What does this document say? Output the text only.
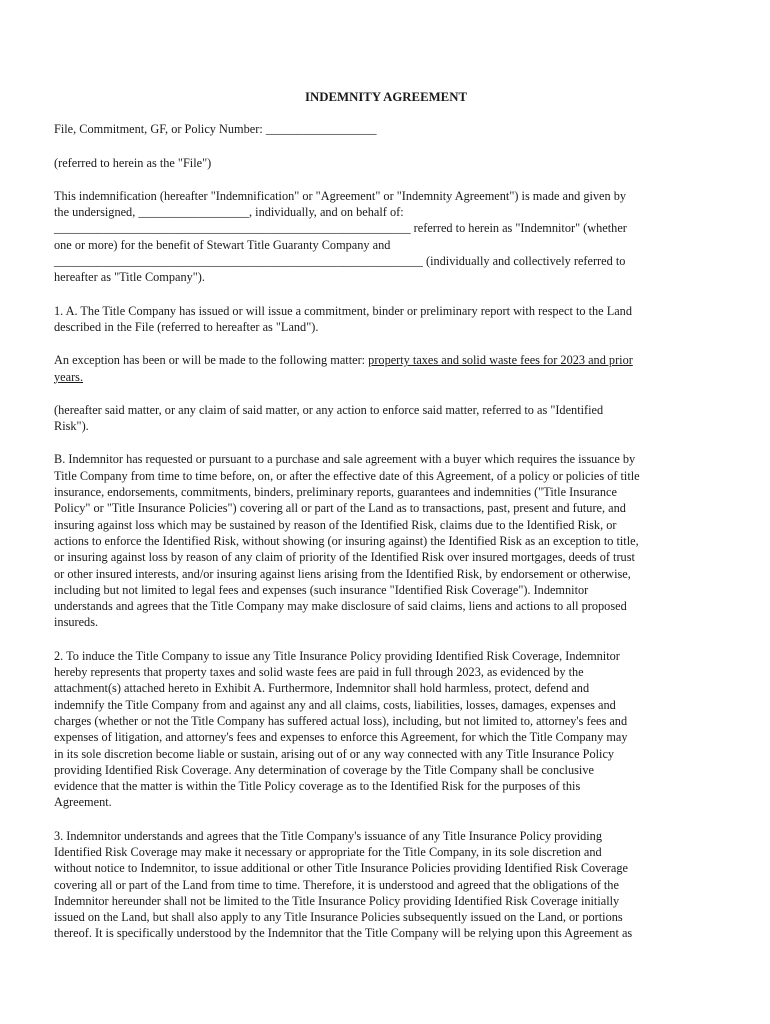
INDEMNITY AGREEMENT
File, Commitment, GF, or Policy Number: __________________
(referred to herein as the "File")
This indemnification (hereafter "Indemnification" or "Agreement" or "Indemnity Agreement") is made and given by
the undersigned, __________________, individually, and on behalf of:
__________________________________________________________ referred to herein as "Indemnitor" (whether
one or more) for the benefit of Stewart Title Guaranty Company and
____________________________________________________________ (individually and collectively referred to
hereafter as "Title Company").
1. A. The Title Company has issued or will issue a commitment, binder or preliminary report with respect to the Land
described in the File (referred to hereafter as "Land").
An exception has been or will be made to the following matter: property taxes and solid waste fees for 2023 and prior
years.
(hereafter said matter, or any claim of said matter, or any action to enforce said matter, referred to as "Identified
Risk").
B. Indemnitor has requested or pursuant to a purchase and sale agreement with a buyer which requires the issuance by
Title Company from time to time before, on, or after the effective date of this Agreement, of a policy or policies of title
insurance, endorsements, commitments, binders, preliminary reports, guarantees and indemnities ("Title Insurance
Policy" or "Title Insurance Policies") covering all or part of the Land as to transactions, past, present and future, and
insuring against loss which may be sustained by reason of the Identified Risk, claims due to the Identified Risk, or
actions to enforce the Identified Risk, without showing (or insuring against) the Identified Risk as an exception to title,
or insuring against loss by reason of any claim of priority of the Identified Risk over insured mortgages, deeds of trust
or other insured interests, and/or insuring against liens arising from the Identified Risk, by endorsement or otherwise,
including but not limited to legal fees and expenses (such insurance "Identified Risk Coverage"). Indemnitor
understands and agrees that the Title Company may make disclosure of said claims, liens and actions to all proposed
insureds.
2. To induce the Title Company to issue any Title Insurance Policy providing Identified Risk Coverage, Indemnitor
hereby represents that property taxes and solid waste fees are paid in full through 2023, as evidenced by the
attachment(s) attached hereto in Exhibit A. Furthermore, Indemnitor shall hold harmless, protect, defend and
indemnify the Title Company from and against any and all claims, costs, liabilities, losses, damages, expenses and
charges (whether or not the Title Company has suffered actual loss), including, but not limited to, attorney's fees and
expenses of litigation, and attorney's fees and expenses to enforce this Agreement, for which the Title Company may
in its sole discretion become liable or sustain, arising out of or any way connected with any Title Insurance Policy
providing Identified Risk Coverage. Any determination of coverage by the Title Company shall be conclusive
evidence that the matter is within the Title Policy coverage as to the Identified Risk for the purposes of this
Agreement.
3. Indemnitor understands and agrees that the Title Company's issuance of any Title Insurance Policy providing
Identified Risk Coverage may make it necessary or appropriate for the Title Company, in its sole discretion and
without notice to Indemnitor, to issue additional or other Title Insurance Policies providing Identified Risk Coverage
covering all or part of the Land from time to time. Therefore, it is understood and agreed that the obligations of the
Indemnitor hereunder shall not be limited to the Title Insurance Policy providing Identified Risk Coverage initially
issued on the Land, but shall also apply to any Title Insurance Policies subsequently issued on the Land, or portions
thereof. It is specifically understood by the Indemnitor that the Title Company will be relying upon this Agreement as
